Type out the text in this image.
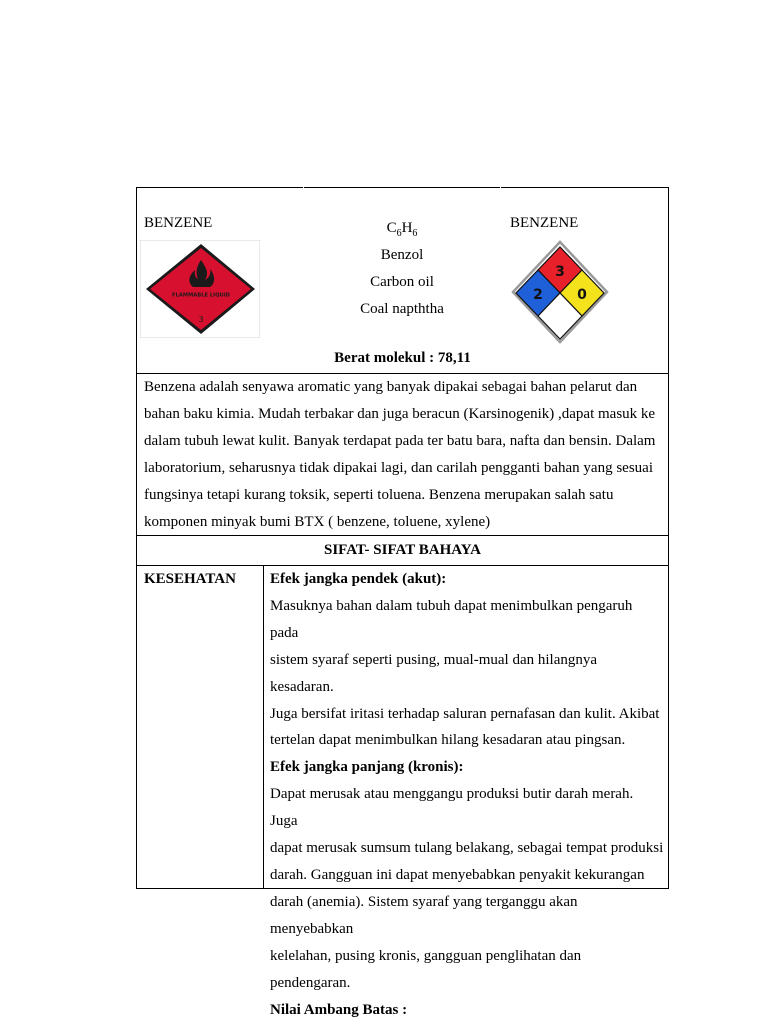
BENZENE
FLAMMABLE LIQUID
3
$C_6H_6$
Benzol
Carbon oil
Coal napththa
BENZENE
3
2 0
Berat molekul : 78,11
Benzena adalah senyawa aromatic yang banyak dipakai sebagai bahan pelarut dan
bahan baku kimia. Mudah terbakar dan juga beracun (Karsinogenik) ,dapat masuk ke
dalam tubuh lewat kulit. Banyak terdapat pada ter batu bara, nafta dan bensin. Dalam
laboratorium, seharusnya tidak dipakai lagi, dan carilah pengganti bahan yang sesuai
fungsinya tetapi kurang toksik, seperti toluena. Benzena merupakan salah satu
komponen minyak bumi BTX ( benzene, toluene, xylene)
SIFAT- SIFAT BAHAYA
KESEHATAN	Efek jangka pendek (akut):
Masuknya bahan dalam tubuh dapat menimbulkan pengaruh pada
sistem syaraf seperti pusing, mual-mual dan hilangnya kesadaran.
Juga bersifat iritasi terhadap saluran pernafasan dan kulit. Akibat
tertelan dapat menimbulkan hilang kesadaran atau pingsan.
Efek jangka panjang (kronis):
Dapat merusak atau menggangu produksi butir darah merah. Juga
dapat merusak sumsum tulang belakang, sebagai tempat produksi
darah. Gangguan ini dapat menyebabkan penyakit kekurangan
darah (anemia). Sistem syaraf yang terganggu akan menyebabkan
kelelahan, pusing kronis, gangguan penglihatan dan pendengaran.
Nilai Ambang Batas :
